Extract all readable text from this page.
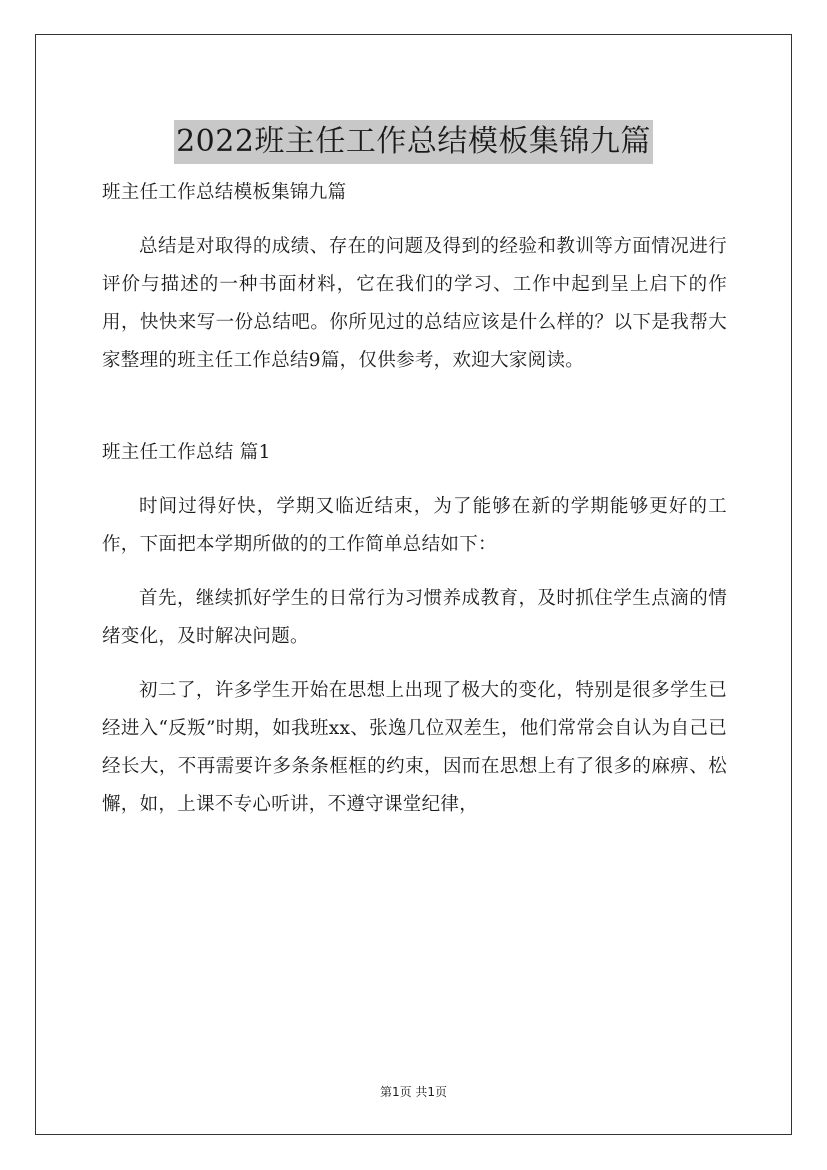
2022班主任工作总结模板集锦九篇

班主任工作总结模板集锦九篇

总结是对取得的成绩、存在的问题及得到的经验和教训等方面情况进行评价与描述的一种书面材料，它在我们的学习、工作中起到呈上启下的作用，快快来写一份总结吧。你所见过的总结应该是什么样的？以下是我帮大家整理的班主任工作总结9篇，仅供参考，欢迎大家阅读。

班主任工作总结 篇1

时间过得好快，学期又临近结束，为了能够在新的学期能够更好的工作，下面把本学期所做的的工作简单总结如下：

首先，继续抓好学生的日常行为习惯养成教育，及时抓住学生点滴的情绪变化，及时解决问题。

初二了，许多学生开始在思想上出现了极大的变化，特别是很多学生已经进入“反叛”时期，如我班xx、张逸几位双差生，他们常常会自认为自己已经长大，不再需要许多条条框框的约束，因而在思想上有了很多的麻痹、松懈，如，上课不专心听讲，不遵守课堂纪律，

第1页 共1页
